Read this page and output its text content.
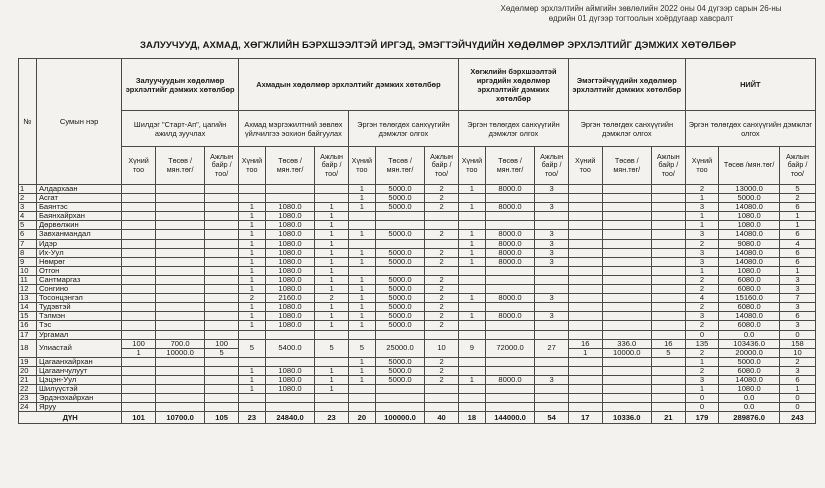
Хөдөлмөр эрхлэлтийн аймгийн зөвлөлийн 2022 оны 04 дүгээр сарын 26-ны
өдрийн 01 дүгээр тогтоолын хоёрдугаар хавсралт
ЗАЛУУЧУУД, АХМАД, ХӨГЖЛИЙН БЭРХШЭЭЛТЭЙ ИРГЭД, ЭМЭГТЭЙЧҮДИЙН ХӨДӨЛМӨР ЭРХЛЭЛТИЙГ ДЭМЖИХ ХӨТӨЛБӨР
№	Сумын нэр	Залуучуудын хөдөлмөр эрхлэлтийг дэмжих хөтөлбөр			Ахмадын хөдөлмөр эрхлэлтийг дэмжих хөтөлбөр						Хөгжлийн бэрхшээлтэй иргэдийн хөдөлмөр эрхлэлтийг дэмжих хөтөлбөр			Эмэгтэйчүүдийн хөдөлмөр эрхлэлтийг дэмжих хөтөлбөр			НИЙТ		
		Шилдэг "Старт-Ап", цагийн ажилд зуучлах			Ахмад мэргэжилтний зөвлөх үйлчилгээ эохион байгуулах			Эргэн төлөгдөх санхүүгийн дэмжлэг олгох			Эргэн төлөгдөх санхүүгийн дэмжлэг олгох			Эргэн төлөгдөх санхүүгийн дэмжлэг олгох			Эргэн төлөгдөх санхүүгийн дэмжлэг олгох		
		Хүний тоо	Төсөв /мян.төг/	Ажлын байр /тоо/	Хүний тоо	Төсөв /мян.төг/	Ажлын байр /тоо/	Хүний тоо	Төсөв /мян.төг/	Ажлын байр /тоо/	Хүний тоо	Төсөв /мян.төг/	Ажлын байр /тоо/	Хүний тоо	Төсөв /мян.төг/	Ажлын байр /тоо/	Хүний тоо	Төсөв /мян.төг/	Ажлын байр /тоо/
1	Алдархаан							1	5000.0	2	1	8000.0	3				2	13000.0	5
2	Асгат							1	5000.0	2							1	5000.0	2
3	Баянтэс				1	1080.0	1	1	5000.0	2	1	8000.0	3				3	14080.0	6
4	Баянхайрхан				1	1080.0	1										1	1080.0	1
5	Дөрвөлжин				1	1080.0	1										1	1080.0	1
6	Завханмандал				1	1080.0	1	1	5000.0	2	1	8000.0	3				3	14080.0	6
7	Идэр				1	1080.0	1				1	8000.0	3				2	9080.0	4
8	Их-Уул				1	1080.0	1	1	5000.0	2	1	8000.0	3				3	14080.0	6
9	Нөмрөг				1	1080.0	1	1	5000.0	2	1	8000.0	3				3	14080.0	6
10	Отгон				1	1080.0	1										1	1080.0	1
11	Сантмаргаз				1	1080.0	1	1	5000.0	2							2	6080.0	3
12	Сонгино				1	1080.0	1	1	5000.0	2							2	6080.0	3
13	Тосонцэнгэл				2	2160.0	2	1	5000.0	2	1	8000.0	3				4	15160.0	7
14	Тудэвтэй				1	1080.0	1	1	5000.0	2							2	6080.0	3
15	Тэлмэн				1	1080.0	1	1	5000.0	2	1	8000.0	3				3	14080.0	6
16	Тэс				1	1080.0	1	1	5000.0	2							2	6080.0	3
17	Ургамал																0	0.0	0
18	Улиастай	100	700.0	100	5	5400.0	5	5	25000.0	10	9	72000.0	27	16	336.0	16	135	103436.0	158
		1	10000.0	5										1	10000.0	5	2	20000.0	10
19	Цагаанхайрхан							1	5000.0	2							1	5000.0	2
20	Цагаанчулуут				1	1080.0	1	1	5000.0	2							2	6080.0	3
21	Цэцэн-Уул				1	1080.0	1	1	5000.0	2	1	8000.0	3				3	14080.0	6
22	Шилүүстэй				1	1080.0	1										1	1080.0	1
23	Эрдэнэхайрхан																0	0.0	0
24	Яруу																0	0.0	0
ДҮН		101	10700.0	105	23	24840.0	23	20	100000.0	40	18	144000.0	54	17	10336.0	21	179	289876.0	243
